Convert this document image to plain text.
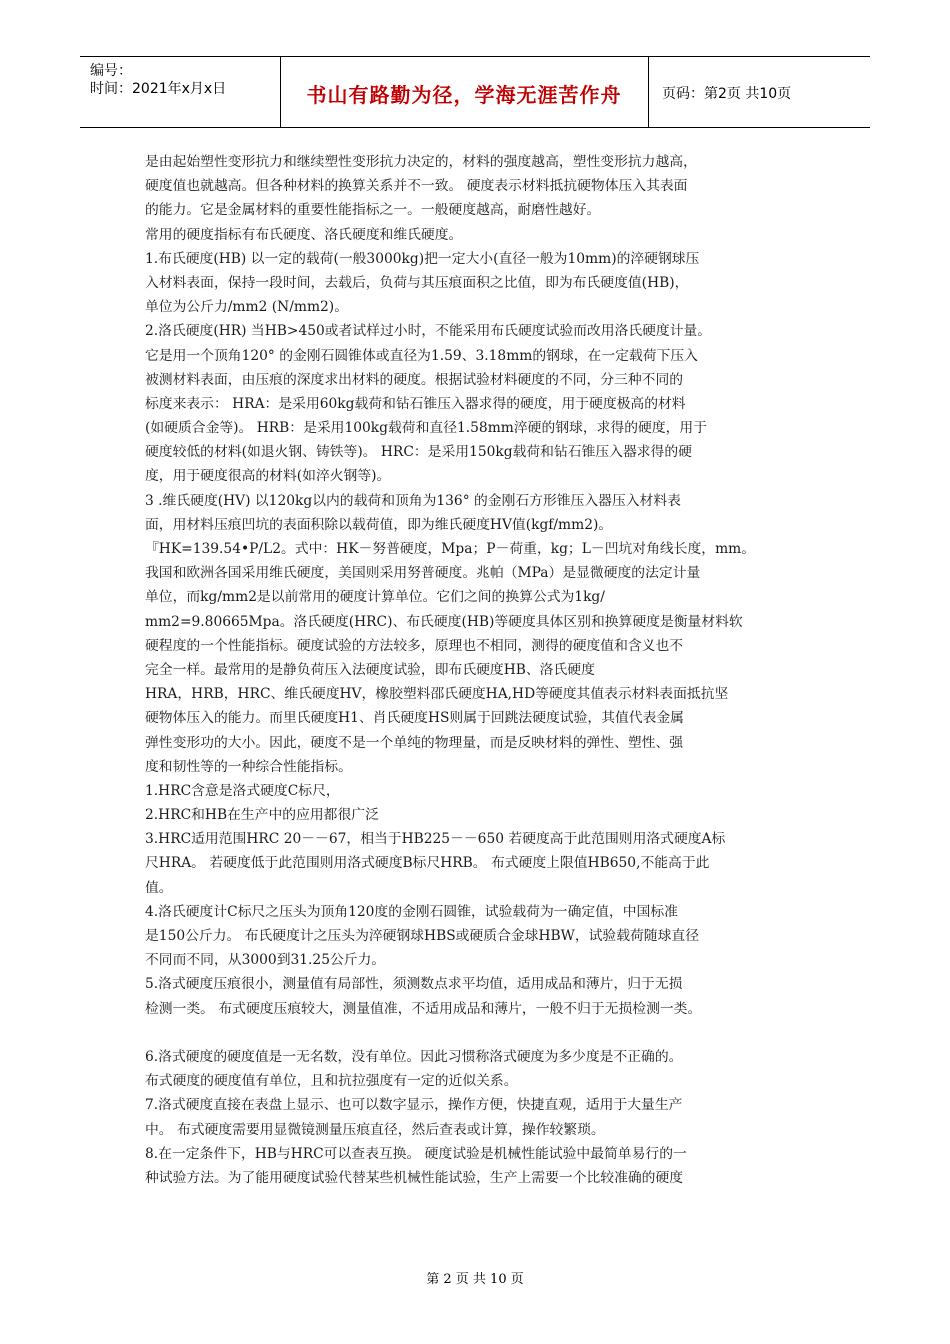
编号：
时间：2021年x月x日	书山有路勤为径，学海无涯苦作舟	页码：第2页 共10页
是由起始塑性变形抗力和继续塑性变形抗力决定的，材料的强度越高，塑性变形抗力越高，
硬度值也就越高。但各种材料的换算关系并不一致。 硬度表示材料抵抗硬物体压入其表面
的能力。它是金属材料的重要性能指标之一。一般硬度越高，耐磨性越好。
常用的硬度指标有布氏硬度、洛氏硬度和维氏硬度。
1.布氏硬度(HB) 以一定的载荷(一般3000kg)把一定大小(直径一般为10mm)的淬硬钢球压
入材料表面，保持一段时间，去载后，负荷与其压痕面积之比值，即为布氏硬度值(HB)，
单位为公斤力/mm2 (N/mm2)。
2.洛氏硬度(HR) 当HB>450或者试样过小时，不能采用布氏硬度试验而改用洛氏硬度计量。
它是用一个顶角120° 的金刚石圆锥体或直径为1.59、3.18mm的钢球，在一定载荷下压入
被测材料表面，由压痕的深度求出材料的硬度。根据试验材料硬度的不同，分三种不同的
标度来表示： HRA：是采用60kg载荷和钻石锥压入器求得的硬度，用于硬度极高的材料
(如硬质合金等)。 HRB：是采用100kg载荷和直径1.58mm淬硬的钢球，求得的硬度，用于
硬度较低的材料(如退火钢、铸铁等)。 HRC：是采用150kg载荷和钻石锥压入器求得的硬
度，用于硬度很高的材料(如淬火钢等)。
3 .维氏硬度(HV) 以120kg以内的载荷和顶角为136° 的金刚石方形锥压入器压入材料表
面，用材料压痕凹坑的表面积除以载荷值，即为维氏硬度HV值(kgf/mm2)。
『HK=139.54•P/L2。式中：HK－努普硬度，Mpa；P－荷重，kg；L－凹坑对角线长度，mm。
我国和欧洲各国采用维氏硬度，美国则采用努普硬度。兆帕（MPa）是显微硬度的法定计量
单位，而kg/mm2是以前常用的硬度计算单位。它们之间的换算公式为1kg/
mm2=9.80665Mpa。洛氏硬度(HRC)、布氏硬度(HB)等硬度具体区别和换算硬度是衡量材料软
硬程度的一个性能指标。硬度试验的方法较多，原理也不相同，测得的硬度值和含义也不
完全一样。最常用的是静负荷压入法硬度试验，即布氏硬度HB、洛氏硬度
HRA，HRB，HRC、维氏硬度HV，橡胶塑料邵氏硬度HA,HD等硬度其值表示材料表面抵抗坚
硬物体压入的能力。而里氏硬度H1、肖氏硬度HS则属于回跳法硬度试验，其值代表金属
弹性变形功的大小。因此，硬度不是一个单纯的物理量，而是反映材料的弹性、塑性、强
度和韧性等的一种综合性能指标。
1.HRC含意是洛式硬度C标尺，
2.HRC和HB在生产中的应用都很广泛
3.HRC适用范围HRC 20－－67，相当于HB225－－650 若硬度高于此范围则用洛式硬度A标
尺HRA。 若硬度低于此范围则用洛式硬度B标尺HRB。 布式硬度上限值HB650,不能高于此
值。
4.洛氏硬度计C标尺之压头为顶角120度的金刚石圆锥，试验载荷为一确定值，中国标准
是150公斤力。 布氏硬度计之压头为淬硬钢球HBS或硬质合金球HBW，试验载荷随球直径
不同而不同，从3000到31.25公斤力。
5.洛式硬度压痕很小，测量值有局部性，须测数点求平均值，适用成品和薄片，归于无损
检测一类。 布式硬度压痕较大，测量值准，不适用成品和薄片，一般不归于无损检测一类。
6.洛式硬度的硬度值是一无名数，没有单位。因此习惯称洛式硬度为多少度是不正确的。
布式硬度的硬度值有单位，且和抗拉强度有一定的近似关系。
7.洛式硬度直接在表盘上显示、也可以数字显示，操作方便，快捷直观，适用于大量生产
中。 布式硬度需要用显微镜测量压痕直径，然后查表或计算，操作较繁琐。
8.在一定条件下，HB与HRC可以查表互换。 硬度试验是机械性能试验中最简单易行的一
种试验方法。为了能用硬度试验代替某些机械性能试验，生产上需要一个比较准确的硬度
第 2 页 共 10 页
